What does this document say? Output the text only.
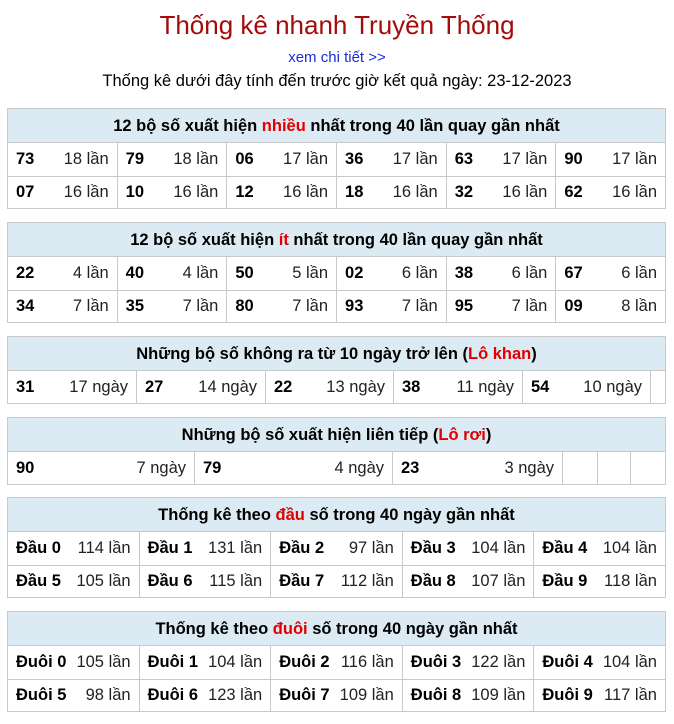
Thống kê nhanh Truyền Thống
xem chi tiết >>
Thống kê dưới đây tính đến trước giờ kết quả ngày: 23-12-2023
12 bộ số xuất hiện nhiều nhất trong 40 lần quay gần nhất
73 18 lần 79 18 lần 06 17 lần 36 17 lần 63 17 lần 90 17 lần
07 16 lần 10 16 lần 12 16 lần 18 16 lần 32 16 lần 62 16 lần
12 bộ số xuất hiện ít nhất trong 40 lần quay gần nhất
22 4 lần 40 4 lần 50 5 lần 02 6 lần 38 6 lần 67 6 lần
34 7 lần 35 7 lần 80 7 lần 93 7 lần 95 7 lần 09 8 lần
Những bộ số không ra từ 10 ngày trở lên (Lô khan)
31 17 ngày 27 14 ngày 22 13 ngày 38 11 ngày 54 10 ngày
Những bộ số xuất hiện liên tiếp (Lô rơi)
90	7 ngày 79	4 ngày 23	3 ngày
Thống kê theo đầu số trong 40 ngày gần nhất
Đầu 0 114 lần Đầu 1 131 lần Đầu 2 97 lần Đầu 3 104 lần Đầu 4 104 lần
Đầu 5 105 lần Đầu 6 115 lần Đầu 7 112 lần Đầu 8 107 lần Đầu 9 118 lần
Thống kê theo đuôi số trong 40 ngày gần nhất
Đuôi 0 105 lần Đuôi 1 104 lần Đuôi 2 116 lần Đuôi 3 122 lần Đuôi 4 104 lần
Đuôi 5 98 lần Đuôi 6 123 lần Đuôi 7 109 lần Đuôi 8 109 lần Đuôi 9 117 lần
